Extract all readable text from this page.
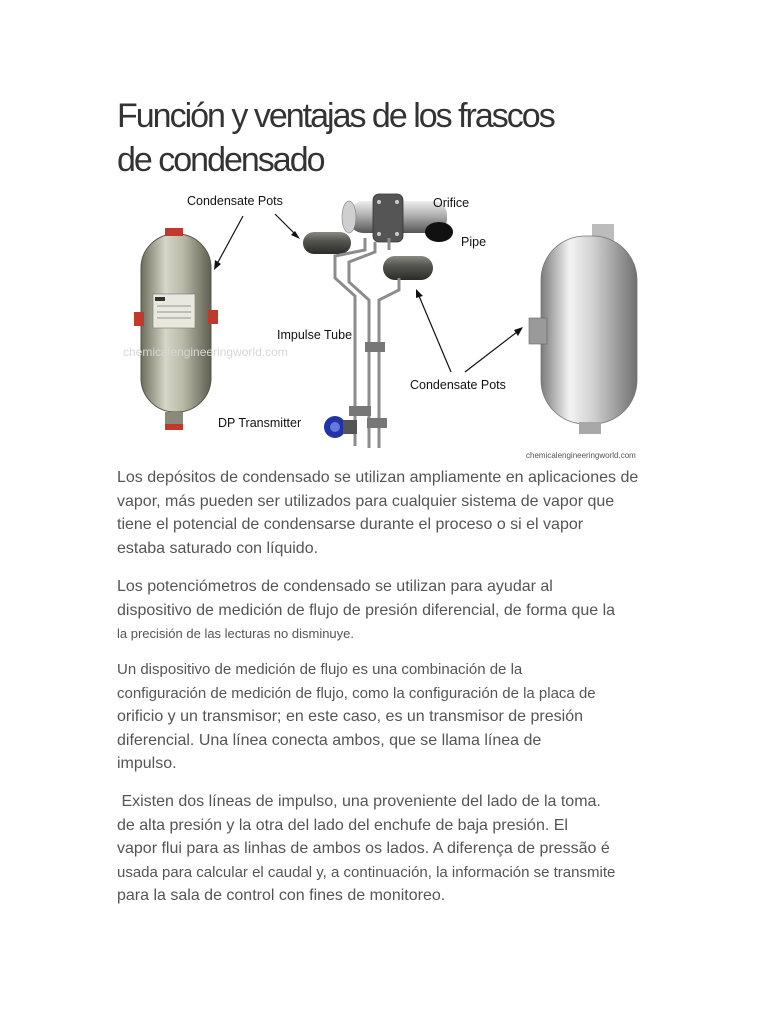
Función y ventajas de los frascos
de condensado
chemicalengineeringworld.com
Condensate Pots	Orifice
Pipe
Impulse Tube
DP Transmitter
Condensate Pots
chemicalengineeringworld.com
Los depósitos de condensado se utilizan ampliamente en aplicaciones de
vapor, más pueden ser utilizados para cualquier sistema de vapor que
tiene el potencial de condensarse durante el proceso o si el vapor
estaba saturado con líquido.
Los potenciómetros de condensado se utilizan para ayudar al
dispositivo de medición de flujo de presión diferencial, de forma que la
la precisión de las lecturas no disminuye.
Un dispositivo de medición de flujo es una combinación de la
configuración de medición de flujo, como la configuración de la placa de
orificio y un transmisor; en este caso, es un transmisor de presión
diferencial. Una línea conecta ambos, que se llama línea de
impulso.
Existen dos líneas de impulso, una proveniente del lado de la toma.
de alta presión y la otra del lado del enchufe de baja presión. El
vapor flui para as linhas de ambos os lados. A diferença de pressão é
usada para calcular el caudal y, a continuación, la información se transmite
para la sala de control con fines de monitoreo.
